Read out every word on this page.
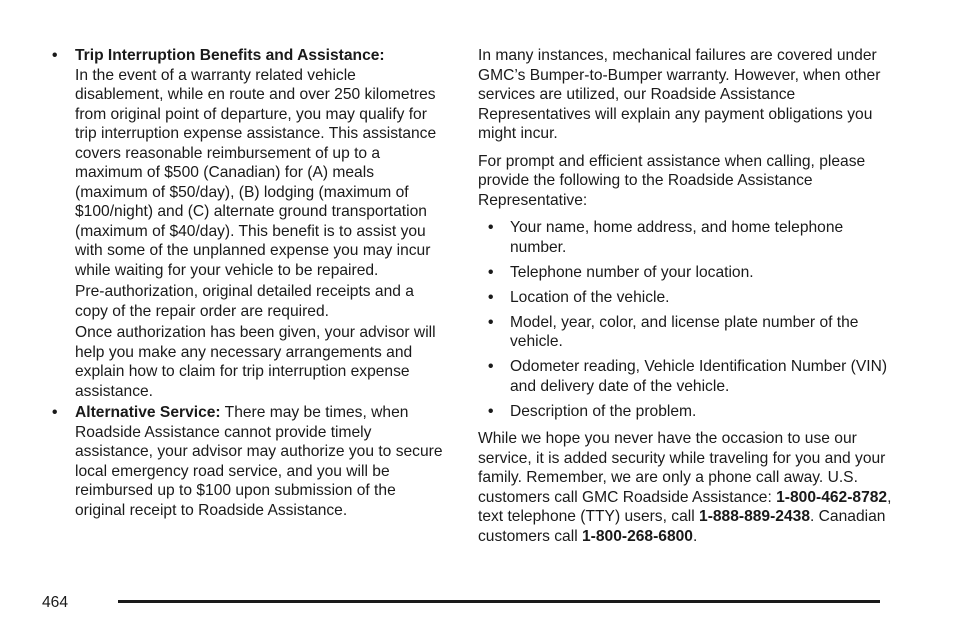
• Trip Interruption Benefits and Assistance:

In the event of a warranty related vehicle disablement, while en route and over 250 kilometres from original point of departure, you may qualify for trip interruption expense assistance. This assistance covers reasonable reimbursement of up to a maximum of $500 (Canadian) for (A) meals (maximum of $50/day), (B) lodging (maximum of $100/night) and (C) alternate ground transportation (maximum of $40/day). This benefit is to assist you with some of the unplanned expense you may incur while waiting for your vehicle to be repaired.

Pre-authorization, original detailed receipts and a copy of the repair order are required.

Once authorization has been given, your advisor will help you make any necessary arrangements and explain how to claim for trip interruption expense assistance.

• Alternative Service: There may be times, when Roadside Assistance cannot provide timely assistance, your advisor may authorize you to secure local emergency road service, and you will be reimbursed up to $100 upon submission of the original receipt to Roadside Assistance.

In many instances, mechanical failures are covered under GMC’s Bumper-to-Bumper warranty. However, when other services are utilized, our Roadside Assistance Representatives will explain any payment obligations you might incur.

For prompt and efficient assistance when calling, please provide the following to the Roadside Assistance Representative:

• Your name, home address, and home telephone number.
• Telephone number of your location.
• Location of the vehicle.
• Model, year, color, and license plate number of the vehicle.
• Odometer reading, Vehicle Identification Number (VIN) and delivery date of the vehicle.
• Description of the problem.

While we hope you never have the occasion to use our service, it is added security while traveling for you and your family. Remember, we are only a phone call away. U.S. customers call GMC Roadside Assistance: 1-800-462-8782, text telephone (TTY) users, call 1-888-889-2438. Canadian customers call 1-800-268-6800.

464
